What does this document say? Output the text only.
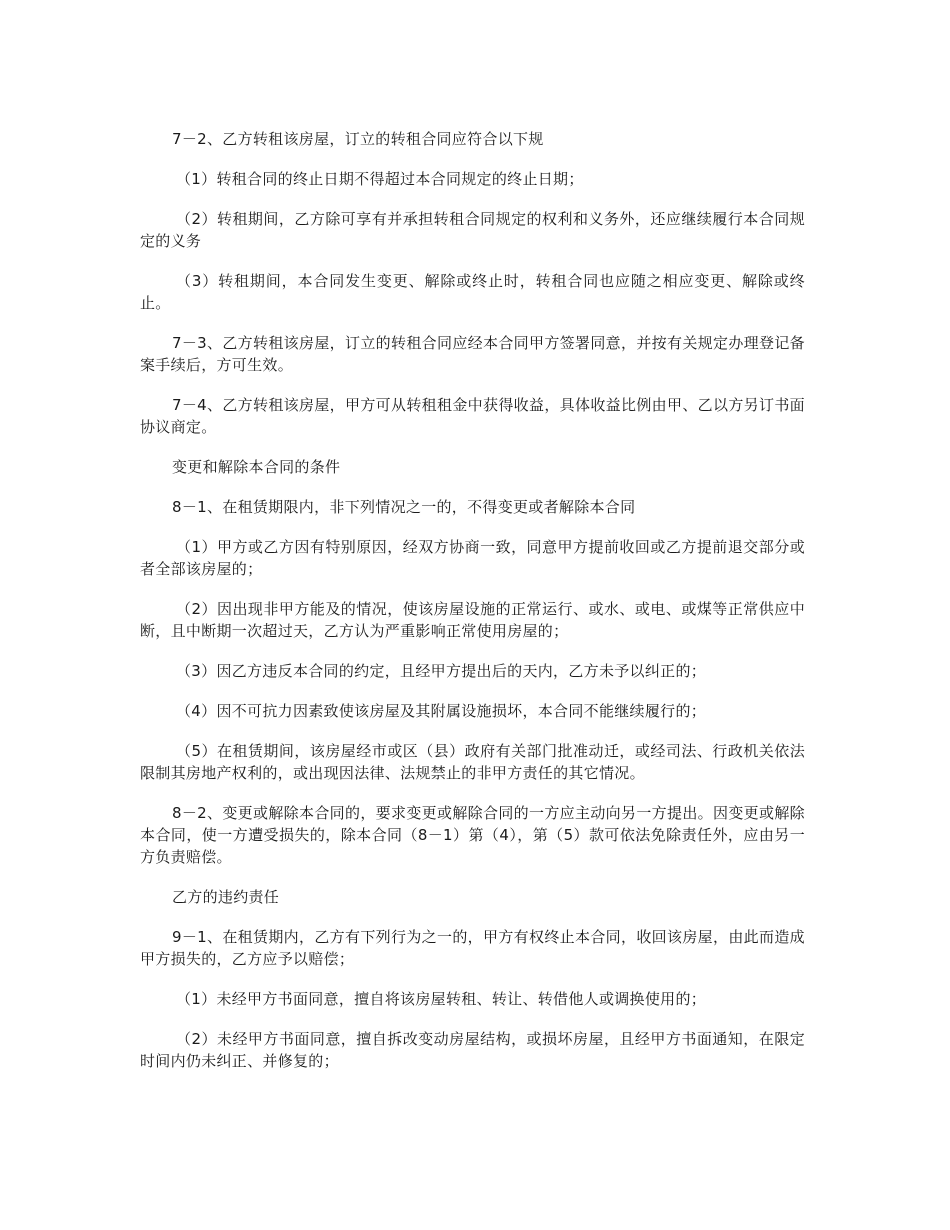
7－2、乙方转租该房屋，订立的转租合同应符合以下规

（1）转租合同的终止日期不得超过本合同规定的终止日期；

（2）转租期间，乙方除可享有并承担转租合同规定的权利和义务外，还应继续履行本合同规定的义务

（3）转租期间，本合同发生变更、解除或终止时，转租合同也应随之相应变更、解除或终止。

7－3、乙方转租该房屋，订立的转租合同应经本合同甲方签署同意，并按有关规定办理登记备案手续后，方可生效。

7－4、乙方转租该房屋，甲方可从转租租金中获得收益，具体收益比例由甲、乙以方另订书面协议商定。

变更和解除本合同的条件

8－1、在租赁期限内，非下列情况之一的，不得变更或者解除本合同

（1）甲方或乙方因有特别原因，经双方协商一致，同意甲方提前收回或乙方提前退交部分或者全部该房屋的；

（2）因出现非甲方能及的情况，使该房屋设施的正常运行、或水、或电、或煤等正常供应中断，且中断期一次超过天，乙方认为严重影响正常使用房屋的；

（3）因乙方违反本合同的约定，且经甲方提出后的天内，乙方未予以纠正的；

（4）因不可抗力因素致使该房屋及其附属设施损坏，本合同不能继续履行的；

（5）在租赁期间，该房屋经市或区（县）政府有关部门批准动迁，或经司法、行政机关依法限制其房地产权利的，或出现因法律、法规禁止的非甲方责任的其它情况。

8－2、变更或解除本合同的，要求变更或解除合同的一方应主动向另一方提出。因变更或解除本合同，使一方遭受损失的，除本合同（8－1）第（4），第（5）款可依法免除责任外，应由另一方负责赔偿。

乙方的违约责任

9－1、在租赁期内，乙方有下列行为之一的，甲方有权终止本合同，收回该房屋，由此而造成甲方损失的，乙方应予以赔偿；

（1）未经甲方书面同意，擅自将该房屋转租、转让、转借他人或调换使用的；

（2）未经甲方书面同意，擅自拆改变动房屋结构，或损坏房屋，且经甲方书面通知，在限定时间内仍未纠正、并修复的；
